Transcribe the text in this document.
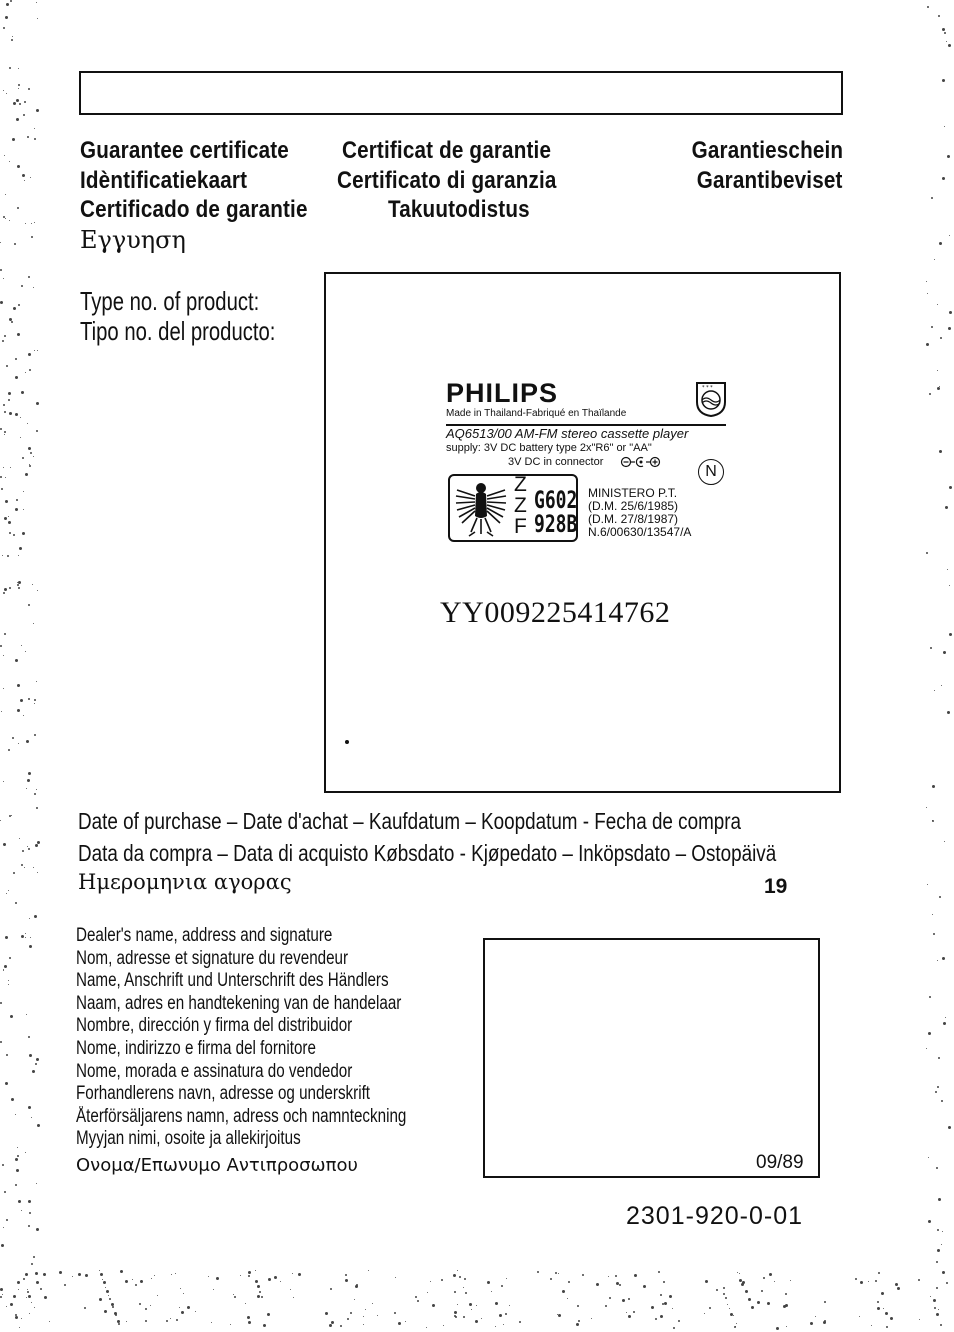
Guarantee certificate Certificat de garantie	Garantieschein
Idèntificatiekaart	Certificato di garanzia	Garantibeviset
Certificado de garantie	Takuutodistus
Εγγυηση
Type no. of product:
Tipo no. del producto:
PHILIPS	* * *
Made in Thailand-Fabriqué en Thaïlande
AQ6513/00 AM-FM stereo cassette player
supply: 3V DC battery type 2x"R6" or "AA"
3V DC in connector
N
Z
Z
F
G602
928B
MINISTERO P.T.
(D.M. 25/6/1985)
(D.M. 27/8/1987)
N.6/00630/13547/A
YY009225414762
Date of purchase – Date d'achat – Kaufdatum – Koopdatum - Fecha de compra
Data da compra – Data di acquisto Købsdato - Kjøpedato – Inköpsdato – Ostopäivä
Ημερομηνια αγορας	19
Dealer's name, address and signature
Nom, adresse et signature du revendeur
Name, Anschrift und Unterschrift des Händlers
Naam, adres en handtekening van de handelaar
Nombre, dirección y firma del distribuidor
Nome, indirizzo e firma del fornitore
Nome, morada e assinatura do vendedor
Forhandlerens navn, adresse og underskrift
Återförsäljarens namn, adress och namnteckning
Myyjan nimi, osoite ja allekirjoitus
Ονομα/Επωνυμο Αντιπροσωπου	09/89
2301-920-0-01
